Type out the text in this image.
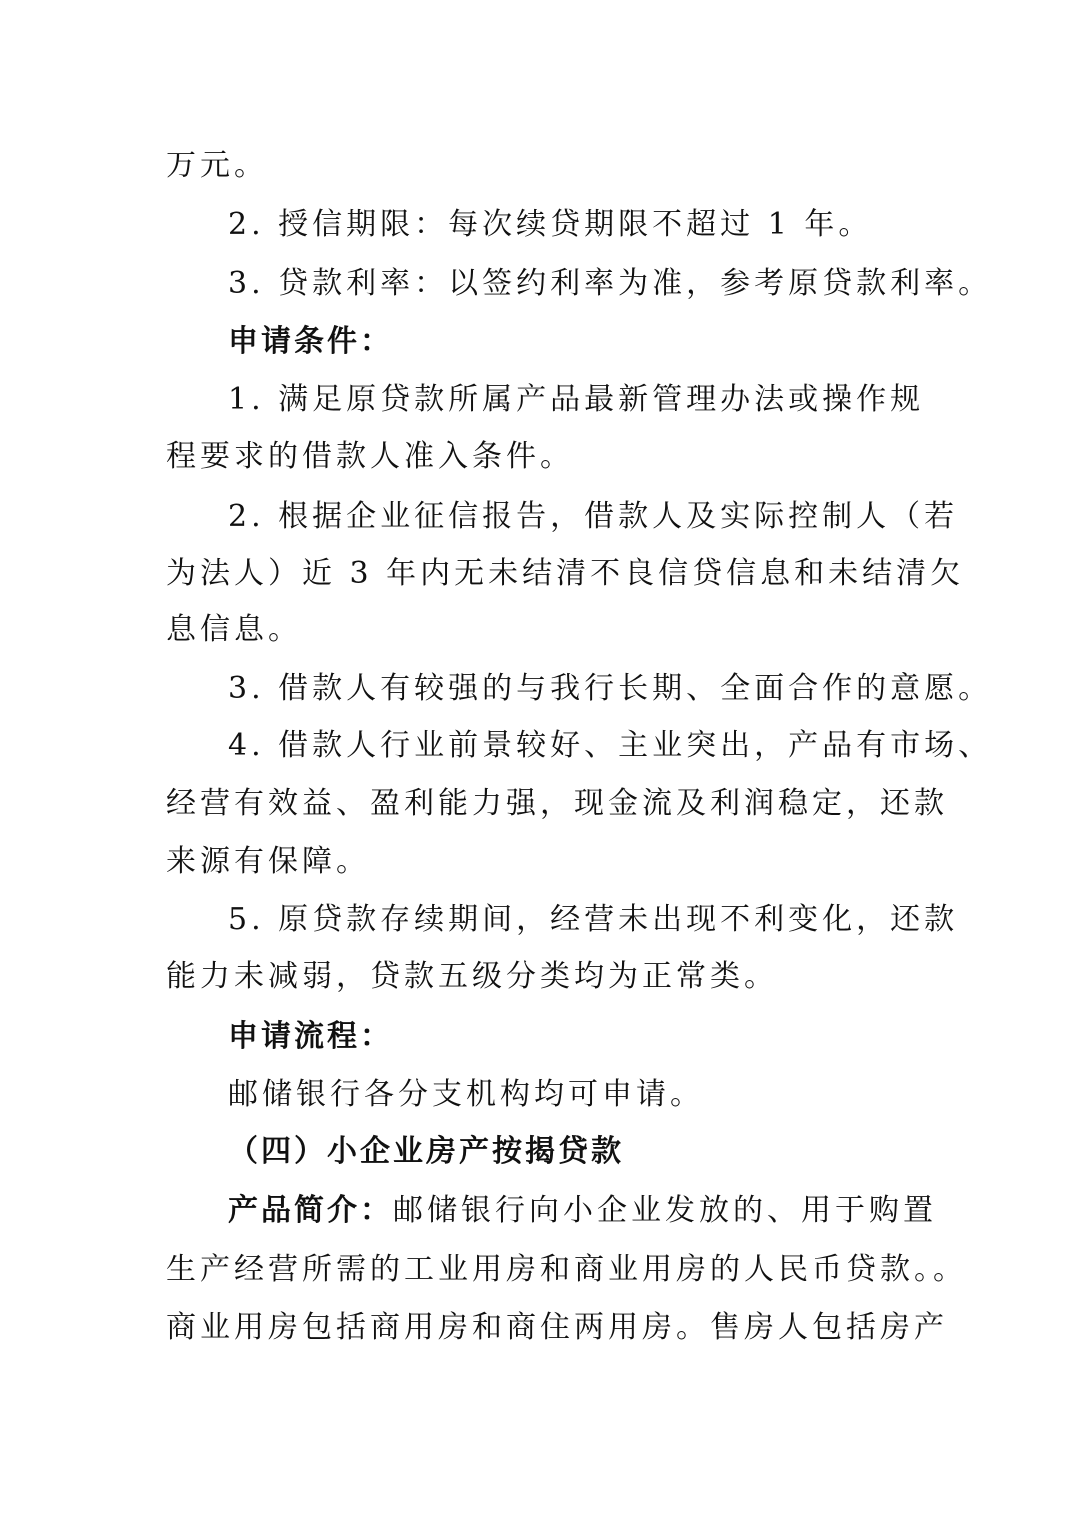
万元。
2. 授信期限：每次续贷期限不超过 1 年。
3. 贷款利率：以签约利率为准，参考原贷款利率。
申请条件：
1. 满足原贷款所属产品最新管理办法或操作规
程要求的借款人准入条件。
2. 根据企业征信报告，借款人及实际控制人（若
为法人）近 3 年内无未结清不良信贷信息和未结清欠
息信息。
3. 借款人有较强的与我行长期、全面合作的意愿。
4. 借款人行业前景较好、主业突出，产品有市场、
经营有效益、盈利能力强，现金流及利润稳定，还款
来源有保障。
5. 原贷款存续期间，经营未出现不利变化，还款
能力未减弱，贷款五级分类均为正常类。
申请流程：
邮储银行各分支机构均可申请。
（四）小企业房产按揭贷款
产品简介：邮储银行向小企业发放的、用于购置
生产经营所需的工业用房和商业用房的人民币贷款。。
商业用房包括商用房和商住两用房。售房人包括房产
